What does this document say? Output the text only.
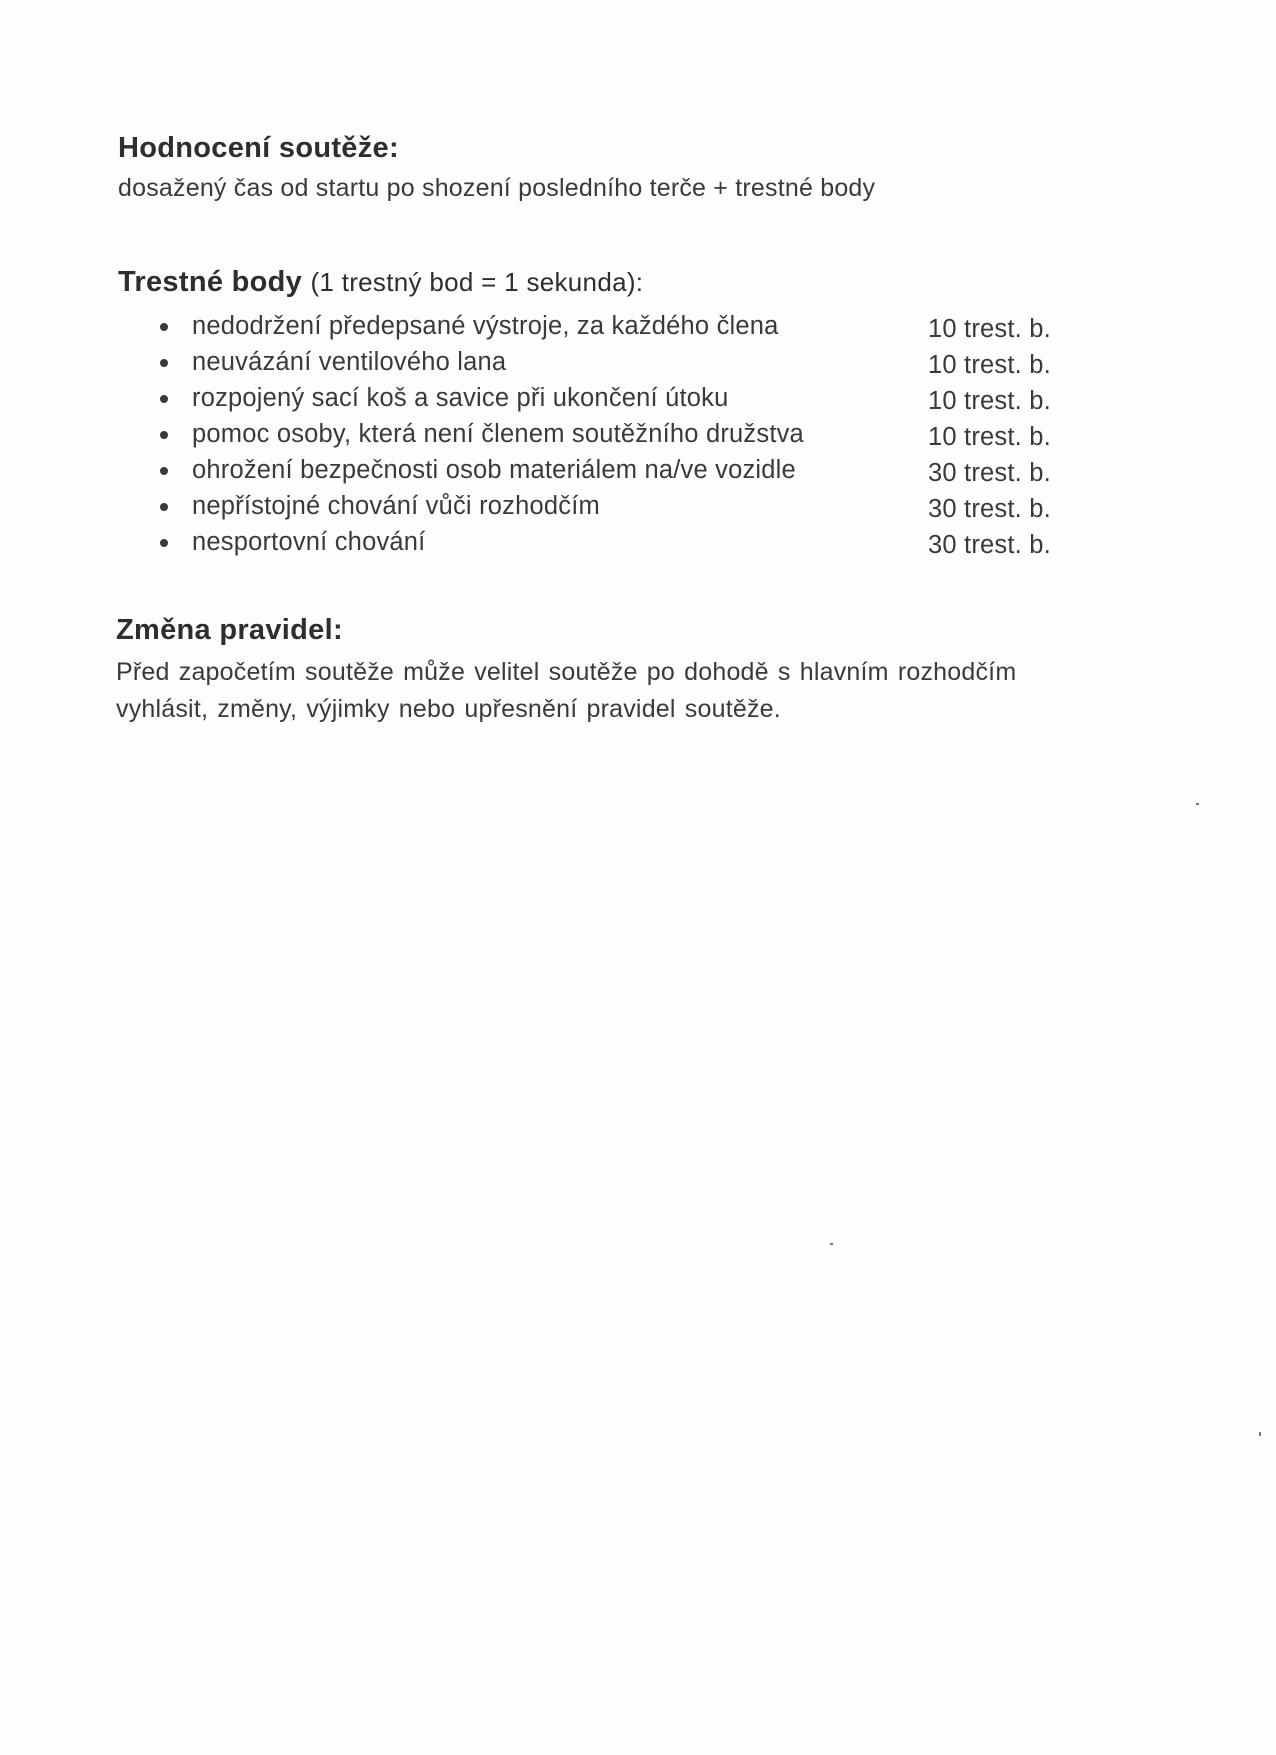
Hodnocení soutěže:
dosažený čas od startu po shození posledního terče + trestné body
Trestné body (1 trestný bod = 1 sekunda):
nedodržení předepsané výstroje, za každého člena	10 trest. b.
neuvázání ventilového lana	10 trest. b.
rozpojený sací koš a savice při ukončení útoku	10 trest. b.
pomoc osoby, která není členem soutěžního družstva	10 trest. b.
ohrožení bezpečnosti osob materiálem na/ve vozidle	30 trest. b.
nepřístojné chování vůči rozhodčím	30 trest. b.
nesportovní chování	30 trest. b.
Změna pravidel:
Před započetím soutěže může velitel soutěže po dohodě s hlavním rozhodčím
vyhlásit, změny, výjimky nebo upřesnění pravidel soutěže.
